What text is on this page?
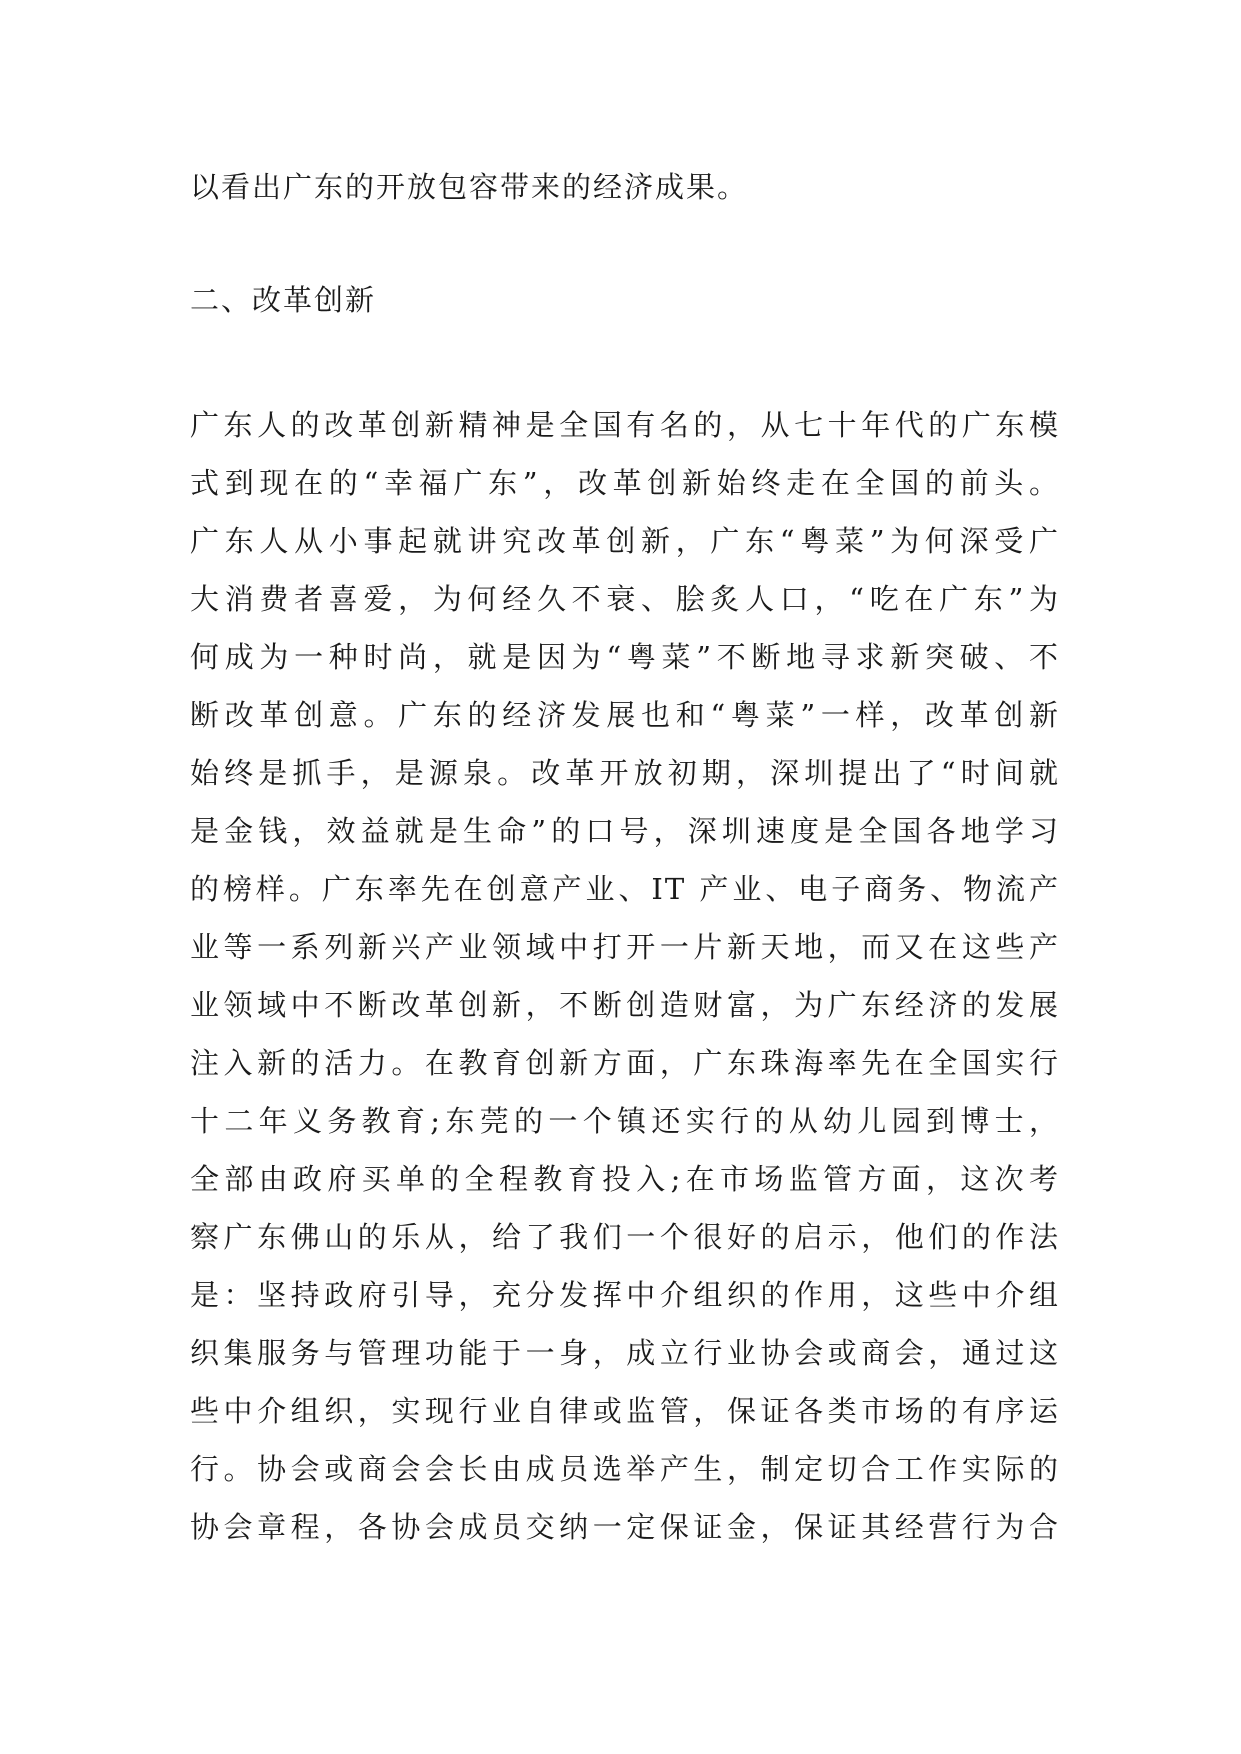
以看出广东的开放包容带来的经济成果。
二、改革创新
广东人的改革创新精神是全国有名的，从七十年代的广东模
式到现在的“幸福广东”，改革创新始终走在全国的前头。
广东人从小事起就讲究改革创新，广东“粤菜”为何深受广
大消费者喜爱，为何经久不衰、脍炙人口，“吃在广东”为
何成为一种时尚，就是因为“粤菜”不断地寻求新突破、不
断改革创意。广东的经济发展也和“粤菜”一样，改革创新
始终是抓手，是源泉。改革开放初期，深圳提出了“时间就
是金钱，效益就是生命”的口号，深圳速度是全国各地学习
的榜样。广东率先在创意产业、IT 产业、电子商务、物流产
业等一系列新兴产业领域中打开一片新天地，而又在这些产
业领域中不断改革创新，不断创造财富，为广东经济的发展
注入新的活力。在教育创新方面，广东珠海率先在全国实行
十二年义务教育;东莞的一个镇还实行的从幼儿园到博士，
全部由政府买单的全程教育投入;在市场监管方面，这次考
察广东佛山的乐从，给了我们一个很好的启示，他们的作法
是：坚持政府引导，充分发挥中介组织的作用，这些中介组
织集服务与管理功能于一身，成立行业协会或商会，通过这
些中介组织，实现行业自律或监管，保证各类市场的有序运
行。协会或商会会长由成员选举产生，制定切合工作实际的
协会章程，各协会成员交纳一定保证金，保证其经营行为合
